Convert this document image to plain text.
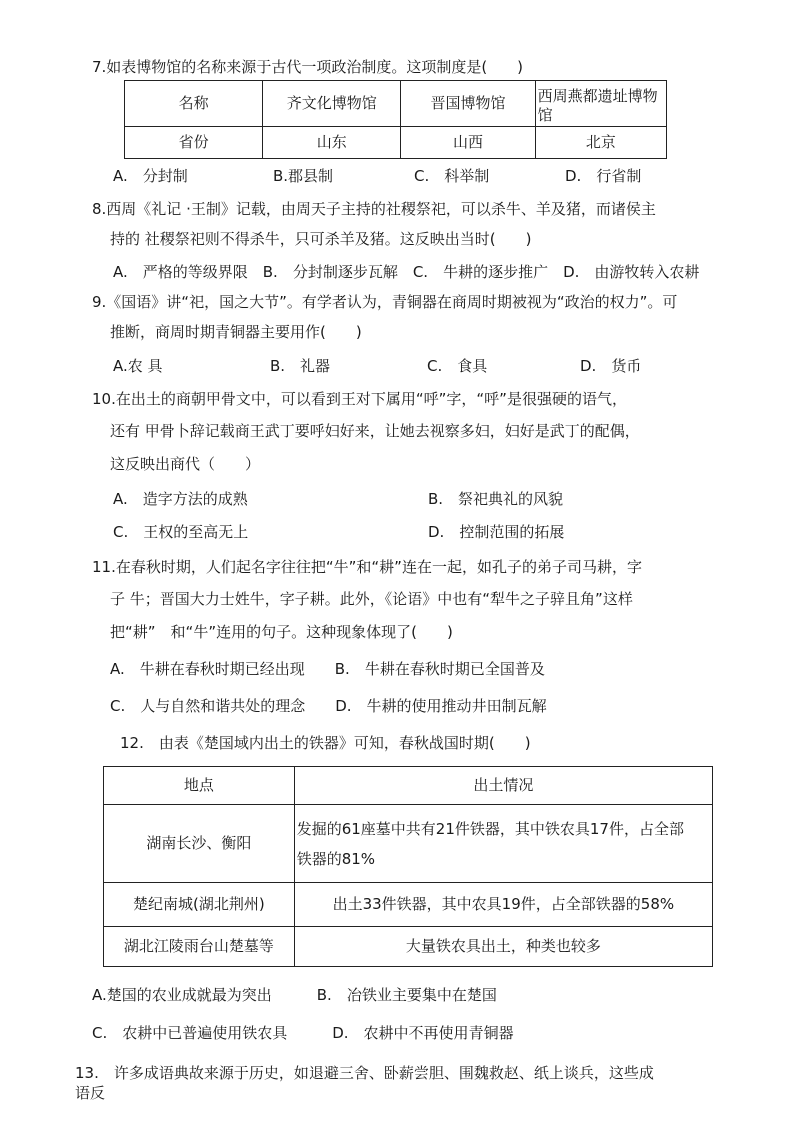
7.如表博物馆的名称来源于古代一项政治制度。这项制度是(　　)
名称	齐文化博物馆	晋国博物馆	西周燕都遗址博物馆
省份	山东	山西	北京
A.　分封制	B.郡县制	C.　科举制	D.　行省制
8.西周《礼记 ·王制》记载，由周天子主持的社稷祭祀，可以杀牛、羊及猪，而诸侯主
持的 社稷祭祀则不得杀牛，只可杀羊及猪。这反映出当时(　　)
A.　严格的等级界限　B.　分封制逐步瓦解　C.　牛耕的逐步推广　D.　由游牧转入农耕
9.《国语》讲“祀，国之大节”。有学者认为，青铜器在商周时期被视为“政治的权力”。可
推断，商周时期青铜器主要用作(　　)
A.农 具	B.　礼器	C.　食具	D.　货币
10.在出土的商朝甲骨文中，可以看到王对下属用“呼”字，“呼”是很强硬的语气，
还有 甲骨卜辞记载商王武丁要呼妇好来，让她去视察多妇，妇好是武丁的配偶，
这反映出商代（　　）
A.　造字方法的成熟	B.　祭祀典礼的风貌
C.　王权的至高无上	D.　控制范围的拓展
11.在春秋时期，人们起名字往往把“牛”和“耕”连在一起，如孔子的弟子司马耕，字
子 牛；晋国大力士姓牛，字子耕。此外，《论语》中也有“犁牛之子骍且角”这样
把“耕”　和“牛”连用的句子。这种现象体现了(　　)
A.　牛耕在春秋时期已经出现　　B.　牛耕在春秋时期已全国普及
C.　人与自然和谐共处的理念　　D.　牛耕的使用推动井田制瓦解
12.　由表《楚国域内出土的铁器》可知，春秋战国时期(　　)
地点	出土情况
湖南长沙、衡阳	发掘的61座墓中共有21件铁器，其中铁农具17件，占全部
铁器的81%

楚纪南城(湖北荆州)	出土33件铁器，其中农具19件，占全部铁器的58%
湖北江陵雨台山楚墓等	大量铁农具出土，种类也较多
A.楚国的农业成就最为突出　　　B.　冶铁业主要集中在楚国
C.　农耕中已普遍使用铁农具　　　D.　农耕中不再使用青铜器
13.　许多成语典故来源于历史，如退避三舍、卧薪尝胆、围魏救赵、纸上谈兵，这些成
语反
